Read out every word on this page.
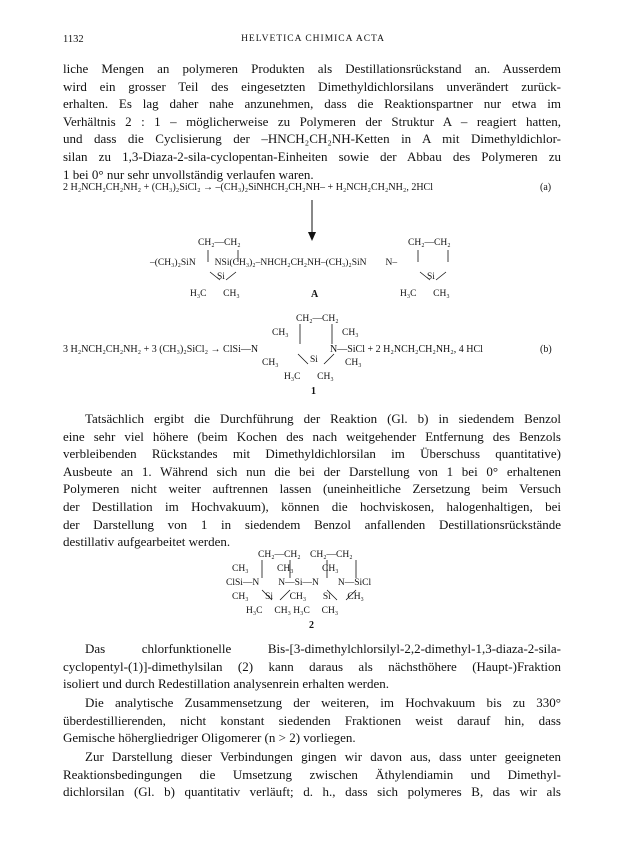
1132	HELVETICA CHIMICA ACTA
liche Mengen an polymeren Produkten als Destillationsrückstand an. Ausserdem
wird ein grosser Teil des eingesetzten Dimethyldichlorsilans unverändert zurück-
erhalten. Es lag daher nahe anzunehmen, dass die Reaktionspartner nur etwa im
Verhältnis 2 : 1 – möglicherweise zu Polymeren der Struktur A – reagiert hatten,
und dass die Cyclisierung der –HNCH₂CH₂NH-Ketten in A mit Dimethyldichlor-
silan zu 1,3-Diaza-2-sila-cyclopentan-Einheiten sowie der Abbau des Polymeren zu
1 bei 0° nur sehr unvollständig verlaufen waren.
2 H₂NCH₂CH₂NH₂ + (CH₃)₂SiCl₂ → –(CH₃)₂SiNHCH₂CH₂NH– + H₂NCH₂CH₂NH₂, 2HCl	(a)
CH₂—CH₂	CH₂—CH₂
–(CH₃)₂SiN        NSi(CH₃)₂–NHCH₂CH₂NH–(CH₃)₂SiN        N–
Si	Si
H₃C       CH₃	H₃C       CH₃
A
CH₂—CH₂
CH₃	CH₃
3 H₂NCH₂CH₂NH₂ + 3 (CH₃)₂SiCl₂ → ClSi—N	N—SiCl + 2 H₂NCH₂CH₂NH₂, 4 HCl	(b)
CH₃	Si	CH₃
H₃C       CH₃
1
Tatsächlich ergibt die Durchführung der Reaktion (Gl. b) in siedendem Benzol
eine sehr viel höhere (beim Kochen des nach weitgehender Entfernung des Benzols
verbleibenden Rückstandes mit Dimethyldichlorsilan im Überschuss quantitative)
Ausbeute an 1. Während sich nun die bei der Darstellung von 1 bei 0° erhaltenen
Polymeren nicht weiter auftrennen lassen (uneinheitliche Zersetzung beim Versuch
der Destillation im Hochvakuum), können die hochviskosen, halogenhaltigen, bei
der Darstellung von 1 in siedendem Benzol anfallenden Destillationsrückstände
destillativ aufgearbeitet werden.
CH₂—CH₂    CH₂—CH₂
CH₃            CH₃            CH₃
ClSi—N        N—Si—N        N—SiCl
CH₃       Si       CH₃       Si       CH₃
H₃C     CH₃ H₃C     CH₃
2
Das chlorfunktionelle Bis-[3-dimethylchlorsilyl-2,2-dimethyl-1,3-diaza-2-sila-
cyclopentyl-(1)]-dimethylsilan (2) kann daraus als nächsthöhere (Haupt-)Fraktion
isoliert und durch Redestillation analysenrein erhalten werden.
Die analytische Zusammensetzung der weiteren, im Hochvakuum bis zu 330°
überdestillierenden, nicht konstant siedenden Fraktionen weist darauf hin, dass
Gemische höhergliedriger Oligomerer (n > 2) vorliegen.
Zur Darstellung dieser Verbindungen gingen wir davon aus, dass unter geeigneten
Reaktionsbedingungen die Umsetzung zwischen Äthylendiamin und Dimethyl-
dichlorsilan (Gl. b) quantitativ verläuft; d. h., dass sich polymeres B, das wir als
